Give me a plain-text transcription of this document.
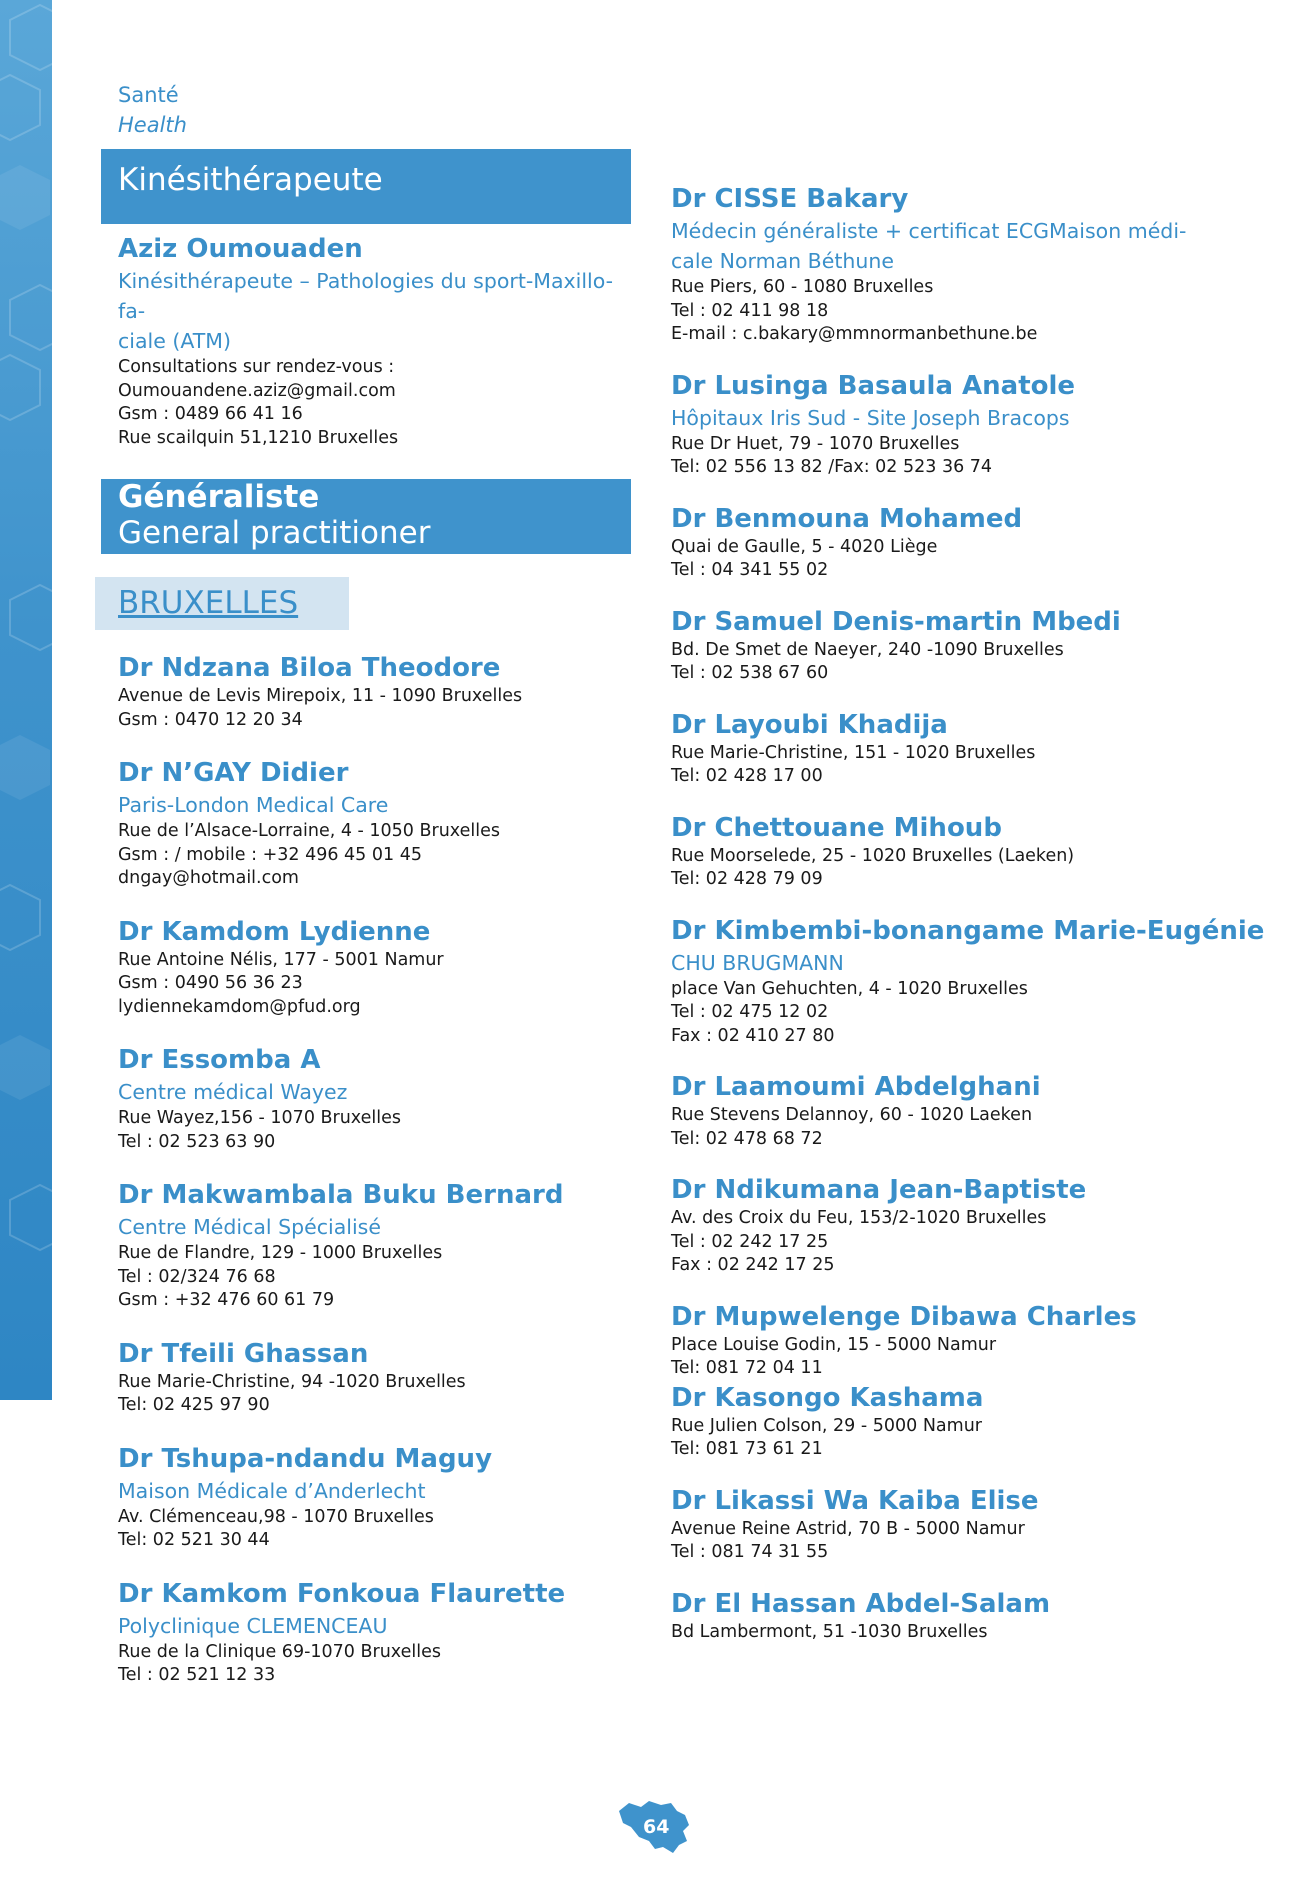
Santé
Health
Kinésithérapeute
Généraliste
General practitioner
BRUXELLES
Aziz Oumouaden
Kinésithérapeute – Pathologies du sport-Maxillo-fa-
ciale (ATM)
Consultations sur rendez-vous :
Oumouandene.aziz@gmail.com
Gsm : 0489 66 41 16
Rue scailquin 51,1210 Bruxelles
Dr Ndzana Biloa Theodore
Avenue de Levis Mirepoix, 11 - 1090 Bruxelles
Gsm : 0470 12 20 34
Dr N’GAY Didier
Paris-London Medical Care
Rue de l’Alsace-Lorraine, 4 - 1050 Bruxelles
Gsm : / mobile : +32 496 45 01 45
dngay@hotmail.com
Dr Kamdom Lydienne
Rue Antoine Nélis, 177 - 5001 Namur
Gsm : 0490 56 36 23
lydiennekamdom@pfud.org
Dr Essomba A
Centre médical Wayez
Rue Wayez,156 - 1070 Bruxelles
Tel : 02 523 63 90
Dr Makwambala Buku Bernard
Centre Médical Spécialisé
Rue de Flandre, 129 - 1000 Bruxelles
Tel : 02/324 76 68
Gsm : +32 476 60 61 79
Dr Tfeili Ghassan
Rue Marie-Christine, 94 -1020 Bruxelles
Tel: 02 425 97 90
Dr Tshupa-ndandu Maguy
Maison Médicale d’Anderlecht
Av. Clémenceau,98 - 1070 Bruxelles
Tel: 02 521 30 44
Dr Kamkom Fonkoua Flaurette
Polyclinique CLEMENCEAU
Rue de la Clinique 69-1070 Bruxelles
Tel : 02 521 12 33
Dr CISSE Bakary
Médecin généraliste + certificat ECGMaison médi-
cale Norman Béthune
Rue Piers, 60 - 1080 Bruxelles
Tel : 02 411 98 18
E-mail : c.bakary@mmnormanbethune.be
Dr Lusinga Basaula Anatole
Hôpitaux Iris Sud - Site Joseph Bracops
Rue Dr Huet, 79 - 1070 Bruxelles
Tel: 02 556 13 82 /Fax: 02 523 36 74
Dr Benmouna Mohamed
Quai de Gaulle, 5 - 4020 Liège
Tel : 04 341 55 02
Dr Samuel Denis-martin Mbedi
Bd. De Smet de Naeyer, 240 -1090 Bruxelles
Tel : 02 538 67 60
Dr Layoubi Khadija
Rue Marie-Christine, 151 - 1020 Bruxelles
Tel: 02 428 17 00
Dr Chettouane Mihoub
Rue Moorselede, 25 - 1020 Bruxelles (Laeken)
Tel: 02 428 79 09
Dr Kimbembi-bonangame Marie-Eugénie
CHU BRUGMANN
place Van Gehuchten, 4 - 1020 Bruxelles
Tel : 02 475 12 02
Fax : 02 410 27 80
Dr Laamoumi Abdelghani
Rue Stevens Delannoy, 60 - 1020 Laeken
Tel: 02 478 68 72
Dr Ndikumana Jean-Baptiste
Av. des Croix du Feu, 153/2-1020 Bruxelles
Tel : 02 242 17 25
Fax : 02 242 17 25
Dr Mupwelenge Dibawa Charles
Place Louise Godin, 15 - 5000 Namur
Tel: 081 72 04 11
Dr Kasongo Kashama
Rue Julien Colson, 29 - 5000 Namur
Tel: 081 73 61 21
Dr Likassi Wa Kaiba Elise
Avenue Reine Astrid, 70 B - 5000 Namur
Tel : 081 74 31 55
Dr El Hassan Abdel-Salam
Bd Lambermont, 51 -1030 Bruxelles
64
